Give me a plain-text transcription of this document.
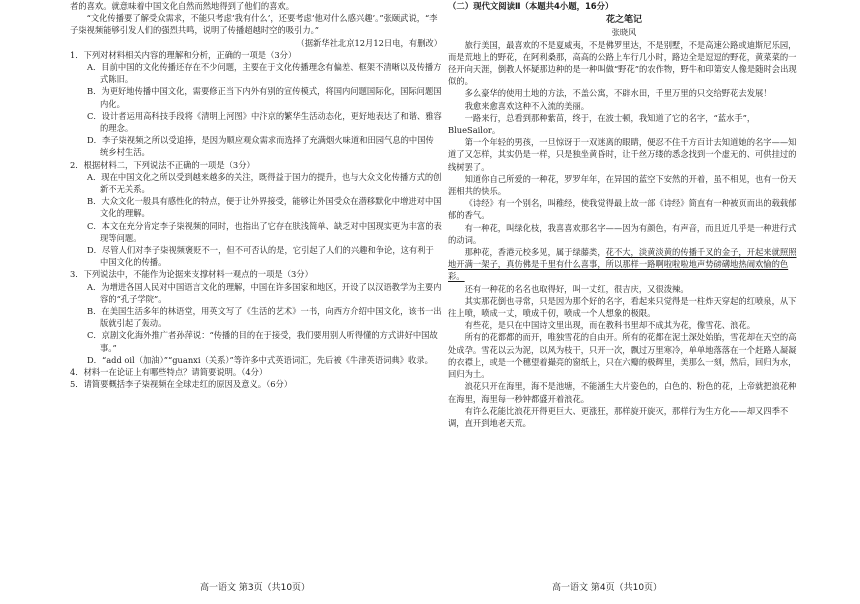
者的喜欢。就意味着中国文化自然而然地得到了他们的喜欢。
“文化传播要了解受众需求，不能只考虑‘我有什么’，还要考虑‘他对什么感兴趣’。”张颐武说，“李子柒视频能够引发人们的强烈共鸣，说明了传播超越时空的吸引力。”
（据新华社北京12月12日电，有删改）
1．下列对材料相关内容的理解和分析，正确的一项是（3分）
A．目前中国的文化传播还存在不少问题，主要在于文化传播理念有偏差、框架不清晰以及传播方式陈旧。
B．为更好地传播中国文化，需要修正当下内外有别的宣传模式，将国内问题国际化，国际问题国内化。
C．设计者运用高科技手段将《清明上河图》中汴京的繁华生活动态化，更好地表达了和谐、雅容的理念。
D．李子柒视频之所以受追捧，是因为顺应观众需求而选择了充满烟火味道和田园气息的中国传统乡村生活。
2．根据材料二，下列说法不正确的一项是（3分）
A．现在中国文化之所以受到越来越多的关注，既得益于国力的提升，也与大众文化传播方式的创新不无关系。
B．大众文化一般具有感性化的特点，便于让外界接受，能够让外国受众在潜移默化中增进对中国文化的理解。
C．本文在充分肯定李子柒视频的同时，也指出了它存在肤浅简单、缺乏对中国现实更为丰富的表现等问题。
D．尽管人们对李子柒视频褒贬不一，但不可否认的是，它引起了人们的兴趣和争论，这有利于中国文化的传播。
3．下列说法中，不能作为论据来支撑材料一观点的一项是（3分）
A．为增进各国人民对中国语言文化的理解，中国在许多国家和地区，开设了以汉语教学为主要内容的“孔子学院”。
B．在美国生活多年的林语堂，用英文写了《生活的艺术》一书，向西方介绍中国文化，该书一出版就引起了轰动。
C．京剧文化海外推广者孙萍说：“传播的目的在于接受，我们要用别人听得懂的方式讲好中国故事。”
D．“add oil（加油）”“guanxi（关系）”等许多中式英语词汇，先后被《牛津英语词典》收录。
4．材料一在论证上有哪些特点？请简要说明。（4分）
5．请简要概括李子柒视频在全球走红的原因及意义。（6分）
（二）现代文阅读Ⅱ（本题共4小题，16分）
花之笔记
张晓风
旅行美国，最喜欢的不是夏威夷，不是佛罗里达，不是别墅，不是高速公路或迪斯尼乐园，而是荒地上的野花，在阿利桑那，高高的公路上车行几小时，路边全是逗逗的野花，黄菜菜的一径开向天涯，倒教人怀疑那边种的是一种叫做“野花”的农作物，野牛和印第安人像是随时会出现似的。
多么豪华的使用土地的方法，不盖公寓，不辟水田，千里万里的只交给野花去发展！
我愈来愈喜欢这种不入流的美丽。
一路来行，总看到那种紫苗，终于，在波士顿，我知道了它的名字，“蓝水手”，BlueSailor。
第一个年轻的男孩，一旦惊讶于一双迷离的眼睛，便忍不住千方百计去知道她的名字——知道了又怎样，其实仍是一样，只是独坐黄昏时，让千丝万缕的悉念找到一个虚无的、可供挂过的线树罢了。
知道你自己所爱的一种花，罗罗年年，在异国的蓝空下安然的开着，虽不相见，也有一份天涯相共的快乐。
《诗经》有一个别名，叫稚经，使我觉得最上故一部《诗经》简直有一种被页而出的载载郁郁的香气。
有一种花，叫绿化枝，我喜喜欢那名字——因为有颜色，有声音，而且近几乎是一种进行式的动词。
那种花，香港元校多见，属于绿藤类，花不大，淡黄淡黄的传播千叉的金子，开起来就照照地开满一架子，真仿佛是千里有什么喜事，所以那样一路啊啦啦啦地声势磅礴地热闹欢愉的色彩。
还有一种花的名名也取得好，叫一丈红，很吉庆，又很泼辣。
其实那花倒也寻常，只是因为那个好的名字，看起来只觉得是一柱炸天穿起的红喷泉，从下往上喷，喷成一丈，喷成千仞，喷成一个人想象的极限。
有些花，是只在中国诗文里出现，而在教科书里却不成其为花，像雪花、浪花。
所有的花都都的而开，唯独雪花的自由开。所有的花都在泥土深处始胎，雪花却在天空的高处成孕。雪花以云为泥，以风为枝干，只开一次，飘过万里寒冷，单单地落落在一个赶路人凝凝的衣襟上，或是一个穗望着撮亮的窗纸上，只在六瓣的极辉里，美那么一刻，然后，回归为水，回归为土。
浪花只开在海里，海不是池塘，不能涵生大片姿色的，白色的、粉色的花，上帝就把浪花种在海里，海里每一秒钟都盛开着浪花。
有许么花能比浪花开得更巨大、更涨狂，那样旋开旋灭，那样行为生方化——却又四季不调，直开到地老天荒。
高一语文 第3页（共10页）	高一语文 第4页（共10页）
